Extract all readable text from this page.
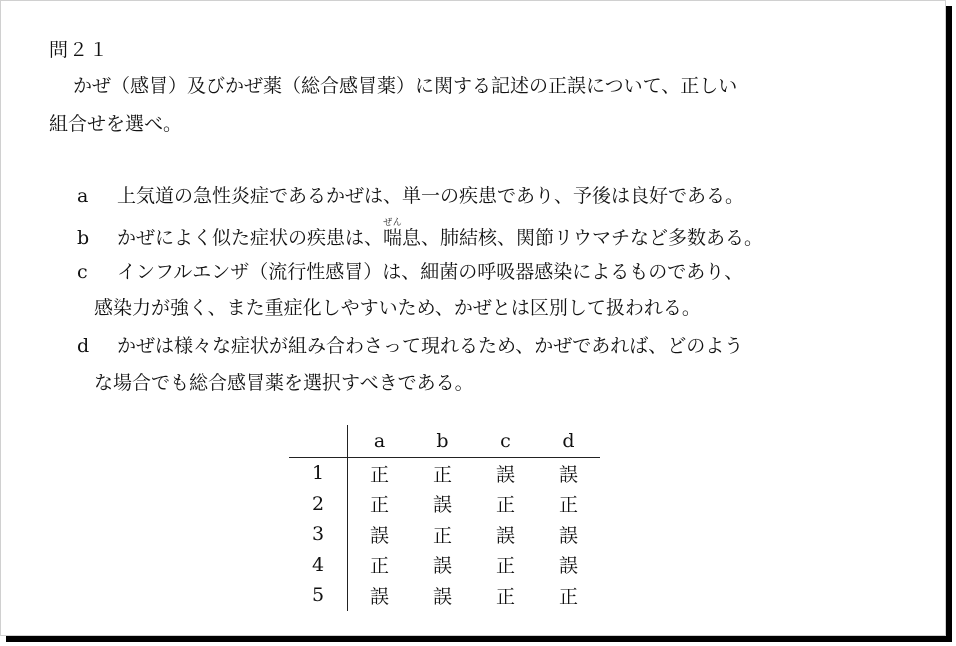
問２１
かぜ（感冒）及びかぜ薬（総合感冒薬）に関する記述の正誤について、正しい
組合せを選べ。
a 上気道の急性炎症であるかぜは、単一の疾患であり、予後は良好である。
b かぜによく似た症状の疾患は、喘ぜん息、肺結核、関節リウマチなど多数ある。
c インフルエンザ（流行性感冒）は、細菌の呼吸器感染によるものであり、
感染力が強く、また重症化しやすいため、かぜとは区別して扱われる。
d かぜは様々な症状が組み合わさって現れるため、かぜであれば、どのよう
な場合でも総合感冒薬を選択すべきである。
	a	b	c	d
1	正	正	誤	誤
2	正	誤	正	正
3	誤	正	誤	誤
4	正	誤	正	誤
5	誤	誤	正	正
